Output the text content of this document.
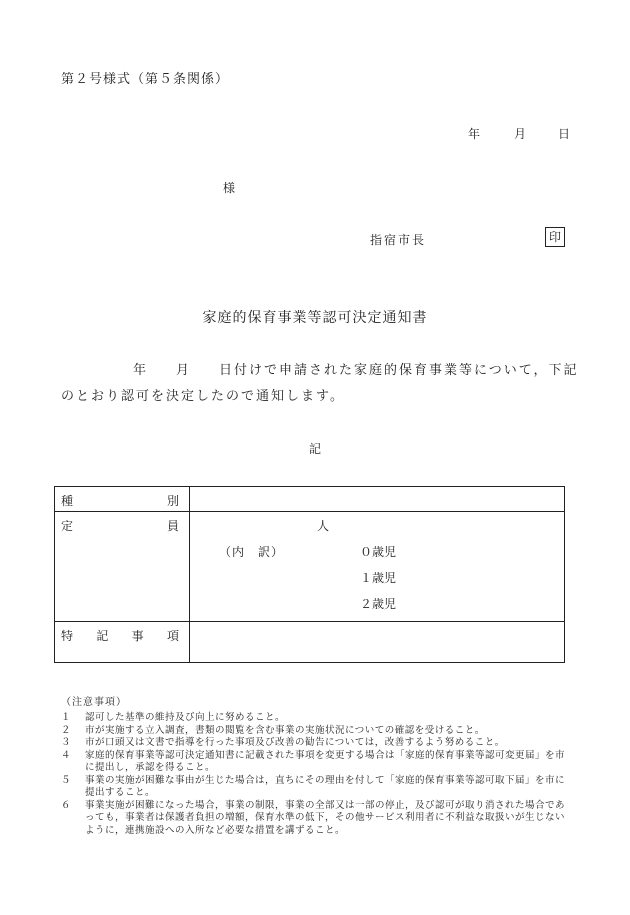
第２号様式（第５条関係）
年	月	日
様
指宿市長	印
家庭的保育事業等認可決定通知書
年 月 日付けで申請された家庭的保育事業等について，下記
のとおり認可を決定したので通知します。
記
種 別	

定 員	人
（内　訳） ０歳児
１歳児
２歳児

特 記 事 項	

（注意事項）
１	認可した基準の維持及び向上に努めること。
２	市が実施する立入調査，書類の閲覧を含む事業の実施状況についての確認を受けること。
３	市が口頭又は文書で指導を行った事項及び改善の勧告については，改善するよう努めること。
４	家庭的保育事業等認可決定通知書に記載された事項を変更する場合は「家庭的保育事業等認可変更届」を市に提出し，承認を得ること。
５	事業の実施が困難な事由が生じた場合は，直ちにその理由を付して「家庭的保育事業等認可取下届」を市に提出すること。
６	事業実施が困難になった場合，事業の制限，事業の全部又は一部の停止，及び認可が取り消された場合であっても，事業者は保護者負担の増額，保育水準の低下，その他サービス利用者に不利益な取扱いが生じないように，連携施設への入所など必要な措置を講ずること。
